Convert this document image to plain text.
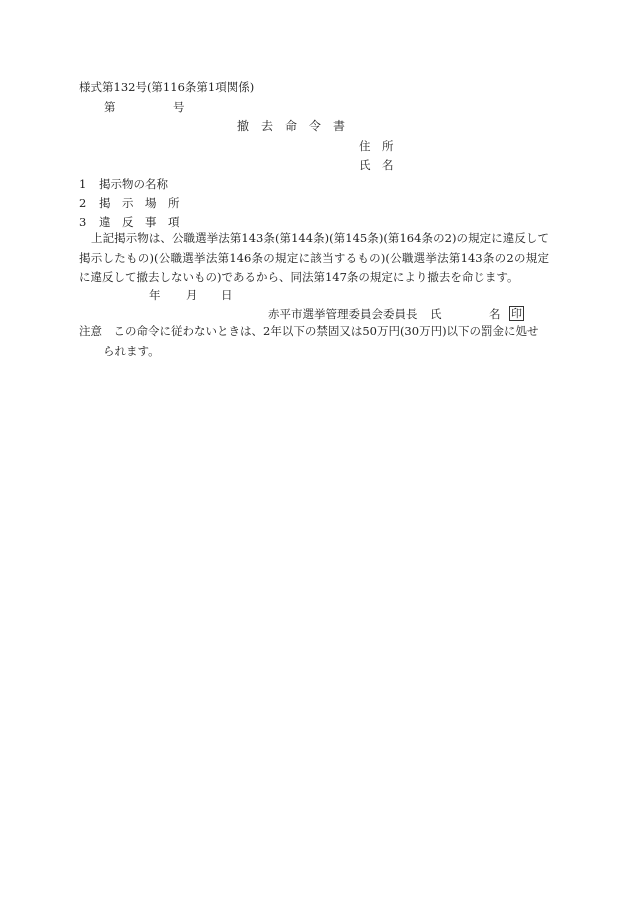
様式第132号(第116条第1項関係)
第	号
撤　去　命　令　書
住　所
氏　名
1 掲示物の名称
2 掲　示　場　所
3 違　反　事　項
上記掲示物は、公職選挙法第143条(第144条)(第145条)(第164条の2)の規定に違反して掲示したもの)(公職選挙法第146条の規定に該当するもの)(公職選挙法第143条の2の規定に違反して撤去しないもの)であるから、同法第147条の規定により撤去を命じます。
年 月 日
赤平市選挙管理委員会委員長 氏	名 印
注意　この命令に従わないときは、2年以下の禁固又は50万円(30万円)以下の罰金に処せられます。
